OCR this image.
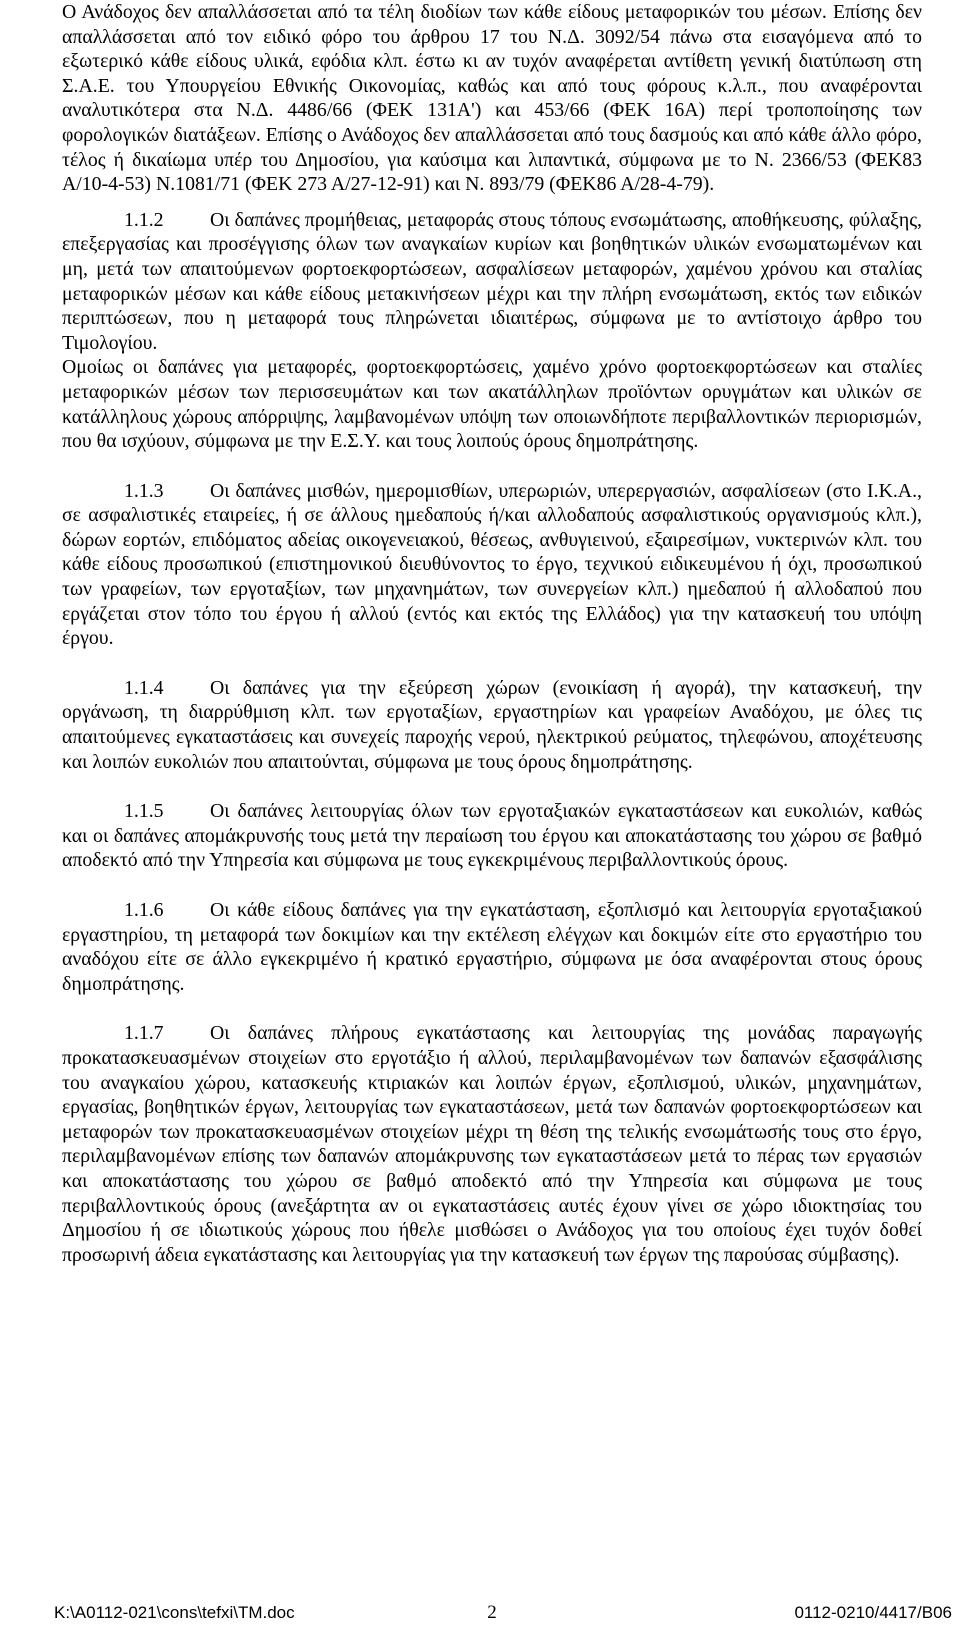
Ο Ανάδοχος δεν απαλλάσσεται από τα τέλη διοδίων των κάθε είδους μεταφορικών του μέσων. Επίσης δεν απαλλάσσεται από τον ειδικό φόρο του άρθρου 17 του Ν.Δ. 3092/54 πάνω στα εισαγόμενα από το εξωτερικό κάθε είδους υλικά, εφόδια κλπ. έστω κι αν τυχόν αναφέρεται αντίθετη γενική διατύπωση στη Σ.Α.Ε. του Υπουργείου Εθνικής Οικονομίας, καθώς και από τους φόρους κ.λ.π., που αναφέρονται αναλυτικότερα στα Ν.Δ. 4486/66 (ΦΕΚ 131Α') και 453/66 (ΦΕΚ 16Α) περί τροποποίησης των φορολογικών διατάξεων. Επίσης ο Ανάδοχος δεν απαλλάσσεται από τους δασμούς και από κάθε άλλο φόρο, τέλος ή δικαίωμα υπέρ του Δημοσίου, για καύσιμα και λιπαντικά, σύμφωνα με το Ν. 2366/53 (ΦΕΚ83 Α/10-4-53) Ν.1081/71 (ΦΕΚ 273 Α/27-12-91) και Ν. 893/79 (ΦΕΚ86 Α/28-4-79).

1.1.2 Οι δαπάνες προμήθειας, μεταφοράς στους τόπους ενσωμάτωσης, αποθήκευσης, φύλαξης, επεξεργασίας και προσέγγισης όλων των αναγκαίων κυρίων και βοηθητικών υλικών ενσωματωμένων και μη, μετά των απαιτούμενων φορτοεκφορτώσεων, ασφαλίσεων μεταφορών, χαμένου χρόνου και σταλίας μεταφορικών μέσων και κάθε είδους μετακινήσεων μέχρι και την πλήρη ενσωμάτωση, εκτός των ειδικών περιπτώσεων, που η μεταφορά τους πληρώνεται ιδιαιτέρως, σύμφωνα με το αντίστοιχο άρθρο του Τιμολογίου.

Ομοίως οι δαπάνες για μεταφορές, φορτοεκφορτώσεις, χαμένο χρόνο φορτοεκφορτώσεων και σταλίες μεταφορικών μέσων των περισσευμάτων και των ακατάλληλων προϊόντων ορυγμάτων και υλικών σε κατάλληλους χώρους απόρριψης, λαμβανομένων υπόψη των οποιωνδήποτε περιβαλλοντικών περιορισμών, που θα ισχύουν, σύμφωνα με την Ε.Σ.Υ. και τους λοιπούς όρους δημοπράτησης.

1.1.3 Οι δαπάνες μισθών, ημερομισθίων, υπερωριών, υπερεργασιών, ασφαλίσεων (στο Ι.Κ.Α., σε ασφαλιστικές εταιρείες, ή σε άλλους ημεδαπούς ή/και αλλοδαπούς ασφαλιστικούς οργανισμούς κλπ.), δώρων εορτών, επιδόματος αδείας οικογενειακού, θέσεως, ανθυγιεινού, εξαιρεσίμων, νυκτερινών κλπ. του κάθε είδους προσωπικού (επιστημονικού διευθύνοντος το έργο, τεχνικού ειδικευμένου ή όχι, προσωπικού των γραφείων, των εργοταξίων, των μηχανημάτων, των συνεργείων κλπ.) ημεδαπού ή αλλοδαπού που εργάζεται στον τόπο του έργου ή αλλού (εντός και εκτός της Ελλάδος) για την κατασκευή του υπόψη έργου.

1.1.4 Οι δαπάνες για την εξεύρεση χώρων (ενοικίαση ή αγορά), την κατασκευή, την οργάνωση, τη διαρρύθμιση κλπ. των εργοταξίων, εργαστηρίων και γραφείων Αναδόχου, με όλες τις απαιτούμενες εγκαταστάσεις και συνεχείς παροχής νερού, ηλεκτρικού ρεύματος, τηλεφώνου, αποχέτευσης και λοιπών ευκολιών που απαιτούνται, σύμφωνα με τους όρους δημοπράτησης.

1.1.5 Οι δαπάνες λειτουργίας όλων των εργοταξιακών εγκαταστάσεων και ευκολιών, καθώς και οι δαπάνες απομάκρυνσής τους μετά την περαίωση του έργου και αποκατάστασης του χώρου σε βαθμό αποδεκτό από την Υπηρεσία και σύμφωνα με τους εγκεκριμένους περιβαλλοντικούς όρους.

1.1.6 Οι κάθε είδους δαπάνες για την εγκατάσταση, εξοπλισμό και λειτουργία εργοταξιακού εργαστηρίου, τη μεταφορά των δοκιμίων και την εκτέλεση ελέγχων και δοκιμών είτε στο εργαστήριο του αναδόχου είτε σε άλλο εγκεκριμένο ή κρατικό εργαστήριο, σύμφωνα με όσα αναφέρονται στους όρους δημοπράτησης.

1.1.7 Οι δαπάνες πλήρους εγκατάστασης και λειτουργίας της μονάδας παραγωγής προκατασκευασμένων στοιχείων στο εργοτάξιο ή αλλού, περιλαμβανομένων των δαπανών εξασφάλισης του αναγκαίου χώρου, κατασκευής κτιριακών και λοιπών έργων, εξοπλισμού, υλικών, μηχανημάτων, εργασίας, βοηθητικών έργων, λειτουργίας των εγκαταστάσεων, μετά των δαπανών φορτοεκφορτώσεων και μεταφορών των προκατασκευασμένων στοιχείων μέχρι τη θέση της τελικής ενσωμάτωσής τους στο έργο, περιλαμβανομένων επίσης των δαπανών απομάκρυνσης των εγκαταστάσεων μετά το πέρας των εργασιών και αποκατάστασης του χώρου σε βαθμό αποδεκτό από την Υπηρεσία και σύμφωνα με τους περιβαλλοντικούς όρους (ανεξάρτητα αν οι εγκαταστάσεις αυτές έχουν γίνει σε χώρο ιδιοκτησίας του Δημοσίου ή σε ιδιωτικούς χώρους που ήθελε μισθώσει ο Ανάδοχος για του οποίους έχει τυχόν δοθεί προσωρινή άδεια εγκατάστασης και λειτουργίας για την κατασκευή των έργων της παρούσας σύμβασης).

K:\A0112-021\cons\tefxi\TM.doc	2	0112-0210/4417/B06
